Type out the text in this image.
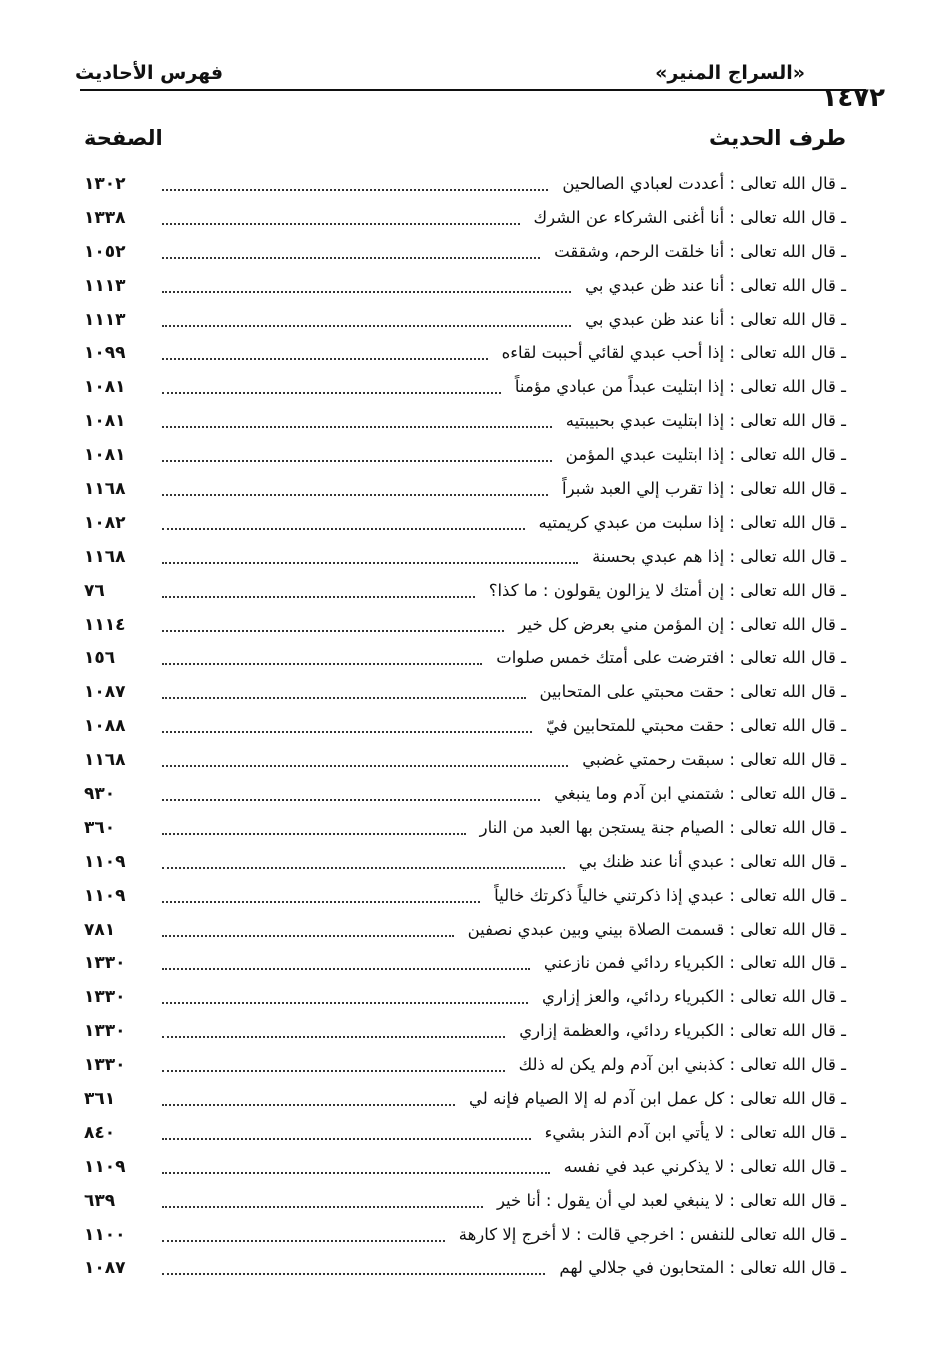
١٤٧٢
«السراج المنير»
فهرس الأحاديث
طرف الحديث
الصفحة
ـ قال الله تعالى : أعددت لعبادي الصالحين
١٣٠٢
ـ قال الله تعالى : أنا أغنى الشركاء عن الشرك
١٣٣٨
ـ قال الله تعالى : أنا خلقت الرحم، وشققت
١٠٥٢
ـ قال الله تعالى : أنا عند ظن عبدي بي
١١١٣
ـ قال الله تعالى : أنا عند ظن عبدي بي
١١١٣
ـ قال الله تعالى : إذا أحب عبدي لقائي أحببت لقاءه
١٠٩٩
ـ قال الله تعالى : إذا ابتليت عبداً من عبادي مؤمناً
١٠٨١
ـ قال الله تعالى : إذا ابتليت عبدي بحبيبتيه
١٠٨١
ـ قال الله تعالى : إذا ابتليت عبدي المؤمن
١٠٨١
ـ قال الله تعالى : إذا تقرب إلي العبد شبراً
١١٦٨
ـ قال الله تعالى : إذا سلبت من عبدي كريمتيه
١٠٨٢
ـ قال الله تعالى : إذا هم عبدي بحسنة
١١٦٨
ـ قال الله تعالى : إن أمتك لا يزالون يقولون : ما كذا؟
٧٦
ـ قال الله تعالى : إن المؤمن مني بعرض كل خير
١١١٤
ـ قال الله تعالى : افترضت على أمتك خمس صلوات
١٥٦
ـ قال الله تعالى : حقت محبتي على المتحابين
١٠٨٧
ـ قال الله تعالى : حقت محبتي للمتحابين فيّ
١٠٨٨
ـ قال الله تعالى : سبقت رحمتي غضبي
١١٦٨
ـ قال الله تعالى : شتمني ابن آدم وما ينبغي
٩٣٠
ـ قال الله تعالى : الصيام جنة يستجن بها العبد من النار
٣٦٠
ـ قال الله تعالى : عبدي أنا عند ظنك بي
١١٠٩
ـ قال الله تعالى : عبدي إذا ذكرتني خالياً ذكرتك خالياً
١١٠٩
ـ قال الله تعالى : قسمت الصلاة بيني وبين عبدي نصفين
٧٨١
ـ قال الله تعالى : الكبرياء ردائي فمن نازعني
١٣٣٠
ـ قال الله تعالى : الكبرياء ردائي، والعز إزاري
١٣٣٠
ـ قال الله تعالى : الكبرياء ردائي، والعظمة إزاري
١٣٣٠
ـ قال الله تعالى : كذبني ابن آدم ولم يكن له ذلك
١٣٣٠
ـ قال الله تعالى : كل عمل ابن آدم له إلا الصيام فإنه لي
٣٦١
ـ قال الله تعالى : لا يأتي ابن آدم النذر بشيء
٨٤٠
ـ قال الله تعالى : لا يذكرني عبد في نفسه
١١٠٩
ـ قال الله تعالى : لا ينبغي لعبد لي أن يقول : أنا خير
٦٣٩
ـ قال الله تعالى للنفس : اخرجي قالت : لا أخرج إلا كارهة
١١٠٠
ـ قال الله تعالى : المتحابون في جلالي لهم
١٠٨٧
